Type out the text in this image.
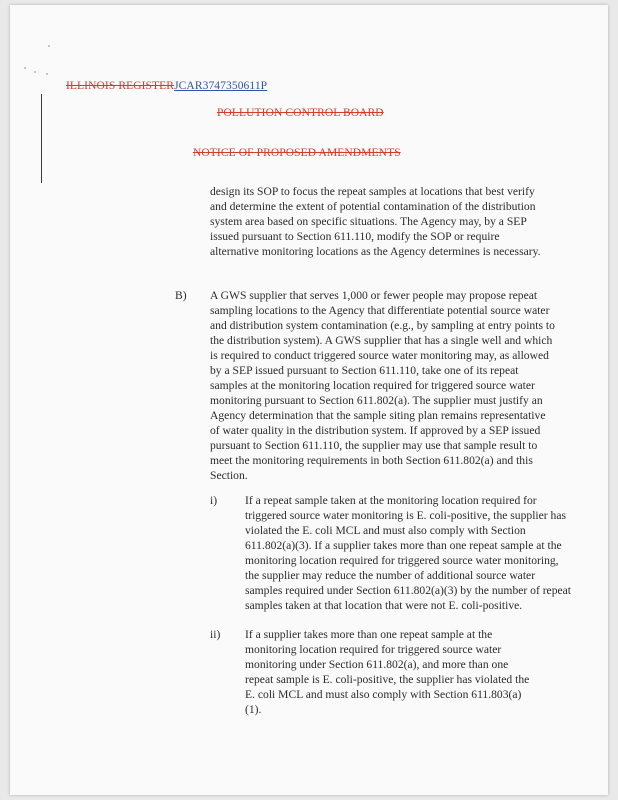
ILLINOIS REGISTERJCAR3747350611P
POLLUTION CONTROL BOARD
NOTICE OF PROPOSED AMENDMENTS

design its SOP to focus the repeat samples at locations that best verify and determine the extent of potential contamination of the distribution system area based on specific situations. The Agency may, by a SEP issued pursuant to Section 611.110, modify the SOP or require alternative monitoring locations as the Agency determines is necessary.

B) A GWS supplier that serves 1,000 or fewer people may propose repeat sampling locations to the Agency that differentiate potential source water and distribution system contamination (e.g., by sampling at entry points to the distribution system). A GWS supplier that has a single well and which is required to conduct triggered source water monitoring may, as allowed by a SEP issued pursuant to Section 611.110, take one of its repeat samples at the monitoring location required for triggered source water monitoring pursuant to Section 611.802(a). The supplier must justify an Agency determination that the sample siting plan remains representative of water quality in the distribution system. If approved by a SEP issued pursuant to Section 611.110, the supplier may use that sample result to meet the monitoring requirements in both Section 611.802(a) and this Section.

i) If a repeat sample taken at the monitoring location required for triggered source water monitoring is E. coli-positive, the supplier has violated the E. coli MCL and must also comply with Section 611.802(a)(3). If a supplier takes more than one repeat sample at the monitoring location required for triggered source water monitoring, the supplier may reduce the number of additional source water samples required under Section 611.802(a)(3) by the number of repeat samples taken at that location that were not E. coli-positive.

ii) If a supplier takes more than one repeat sample at the monitoring location required for triggered source water monitoring under Section 611.802(a), and more than one repeat sample is E. coli-positive, the supplier has violated the E. coli MCL and must also comply with Section 611.803(a)(1).
